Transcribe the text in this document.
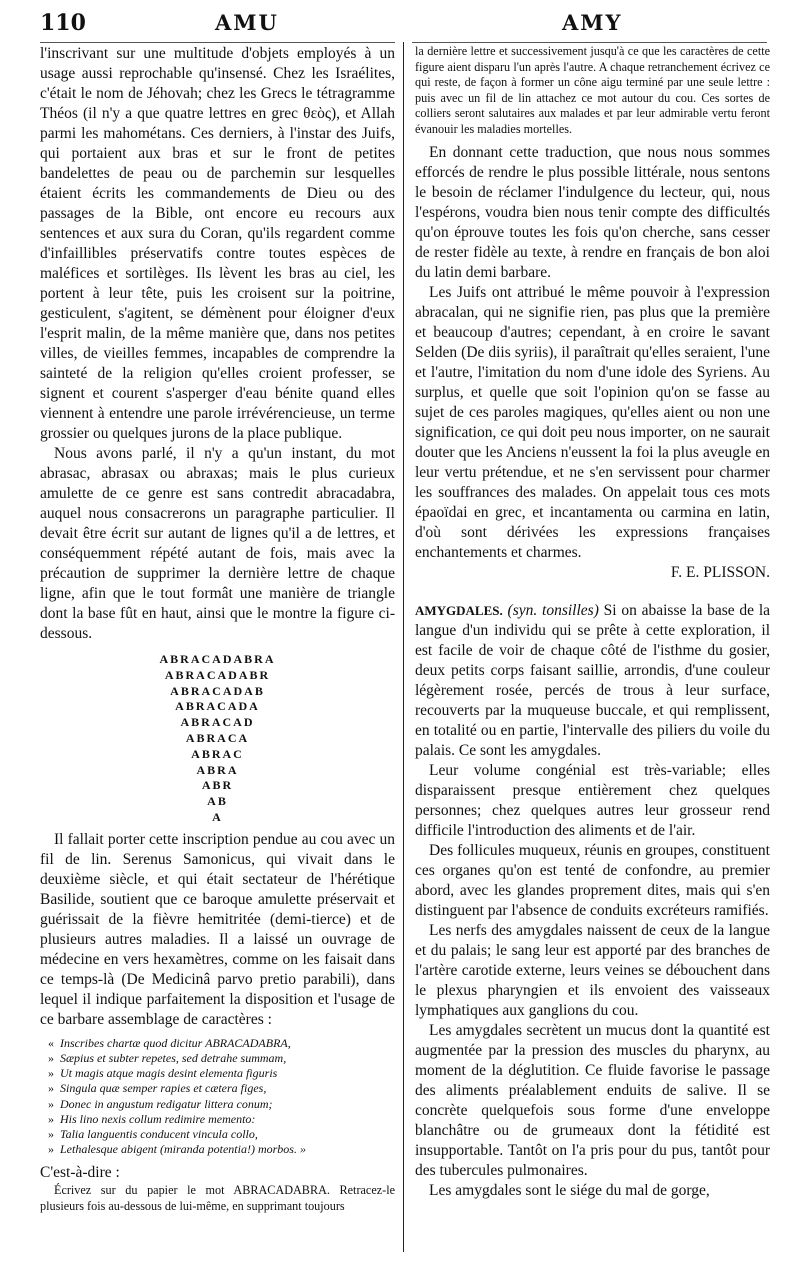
110	AMU	AMY

l'inscrivant sur une multitude d'objets employés à un usage aussi reprochable qu'insensé. Chez les Israélites, c'était le nom de Jéhovah; chez les Grecs le tétragramme Théos (il n'y a que quatre lettres en grec θεὸς), et Allah parmi les mahométans. Ces derniers, à l'instar des Juifs, qui portaient aux bras et sur le front de petites bandelettes de peau ou de parchemin sur lesquelles étaient écrits les commandements de Dieu ou des passages de la Bible, ont encore eu recours aux sentences et aux sura du Coran, qu'ils regardent comme d'infaillibles préservatifs contre toutes espèces de maléfices et sortilèges. Ils lèvent les bras au ciel, les portent à leur tête, puis les croisent sur la poitrine, gesticulent, s'agitent, se démènent pour éloigner d'eux l'esprit malin, de la même manière que, dans nos petites villes, de vieilles femmes, incapables de comprendre la sainteté de la religion qu'elles croient professer, se signent et courent s'asperger d'eau bénite quand elles viennent à entendre une parole irrévérencieuse, un terme grossier ou quelques jurons de la place publique.

Nous avons parlé, il n'y a qu'un instant, du mot abrasac, abrasax ou abraxas; mais le plus curieux amulette de ce genre est sans contredit abracadabra, auquel nous consacrerons un paragraphe particulier. Il devait être écrit sur autant de lignes qu'il a de lettres, et conséquemment répété autant de fois, mais avec la précaution de supprimer la dernière lettre de chaque ligne, afin que le tout formât une manière de triangle dont la base fût en haut, ainsi que le montre la figure ci-dessous.

ABRACADABRA
ABRACADABR
ABRACADAB
ABRACADA
ABRACAD
ABRACA
ABRAC
ABRA
ABR
AB
A

Il fallait porter cette inscription pendue au cou avec un fil de lin. Serenus Samonicus, qui vivait dans le deuxième siècle, et qui était sectateur de l'hérétique Basilide, soutient que ce baroque amulette préservait et guérissait de la fièvre hemitritée (demi-tierce) et de plusieurs autres maladies. Il a laissé un ouvrage de médecine en vers hexamètres, comme on les faisait dans ce temps-là (De Medicinâ parvo pretio parabili), dans lequel il indique parfaitement la disposition et l'usage de ce barbare assemblage de caractères :

« Inscribes chartæ quod dicitur ABRACADABRA,
» Sæpius et subter repetes, sed detrahe summam,
» Ut magis atque magis desint elementa figuris
» Singula quæ semper rapies et cætera figes,
» Donec in angustum redigatur littera conum;
» His lino nexis collum redimire memento:
» Talia languentis conducent vincula collo,
» Lethalesque abigent (miranda potentia!) morbos. »

C'est-à-dire :

Écrivez sur du papier le mot ABRACADABRA. Retracez-le plusieurs fois au-dessous de lui-même, en supprimant toujours

la dernière lettre et successivement jusqu'à ce que les caractères de cette figure aient disparu l'un après l'autre. A chaque retranchement écrivez ce qui reste, de façon à former un cône aigu terminé par une seule lettre : puis avec un fil de lin attachez ce mot autour du cou. Ces sortes de colliers seront salutaires aux malades et par leur admirable vertu feront évanouir les maladies mortelles.

En donnant cette traduction, que nous nous sommes efforcés de rendre le plus possible littérale, nous sentons le besoin de réclamer l'indulgence du lecteur, qui, nous l'espérons, voudra bien nous tenir compte des difficultés qu'on éprouve toutes les fois qu'on cherche, sans cesser de rester fidèle au texte, à rendre en français de bon aloi du latin demi barbare.

Les Juifs ont attribué le même pouvoir à l'expression abracalan, qui ne signifie rien, pas plus que la première et beaucoup d'autres; cependant, à en croire le savant Selden (De diis syriis), il paraîtrait qu'elles seraient, l'une et l'autre, l'imitation du nom d'une idole des Syriens. Au surplus, et quelle que soit l'opinion qu'on se fasse au sujet de ces paroles magiques, qu'elles aient ou non une signification, ce qui doit peu nous importer, on ne saurait douter que les Anciens n'eussent la foi la plus aveugle en leur vertu prétendue, et ne s'en servissent pour charmer les souffrances des malades. On appelait tous ces mots épaoïdai en grec, et incantamenta ou carmina en latin, d'où sont dérivées les expressions françaises enchantements et charmes.

F. E. PLISSON.

AMYGDALES. (syn. tonsilles) Si on abaisse la base de la langue d'un individu qui se prête à cette exploration, il est facile de voir de chaque côté de l'isthme du gosier, deux petits corps faisant saillie, arrondis, d'une couleur légèrement rosée, percés de trous à leur surface, recouverts par la muqueuse buccale, et qui remplissent, en totalité ou en partie, l'intervalle des piliers du voile du palais. Ce sont les amygdales.

Leur volume congénial est très-variable; elles disparaissent presque entièrement chez quelques personnes; chez quelques autres leur grosseur rend difficile l'introduction des aliments et de l'air.

Des follicules muqueux, réunis en groupes, constituent ces organes qu'on est tenté de confondre, au premier abord, avec les glandes proprement dites, mais qui s'en distinguent par l'absence de conduits excréteurs ramifiés.

Les nerfs des amygdales naissent de ceux de la langue et du palais; le sang leur est apporté par des branches de l'artère carotide externe, leurs veines se débouchent dans le plexus pharyngien et ils envoient des vaisseaux lymphatiques aux ganglions du cou.

Les amygdales secrètent un mucus dont la quantité est augmentée par la pression des muscles du pharynx, au moment de la déglutition. Ce fluide favorise le passage des aliments préalablement enduits de salive. Il se concrète quelquefois sous forme d'une enveloppe blanchâtre ou de grumeaux dont la fétidité est insupportable. Tantôt on l'a pris pour du pus, tantôt pour des tubercules pulmonaires.

Les amygdales sont le siége du mal de gorge,
